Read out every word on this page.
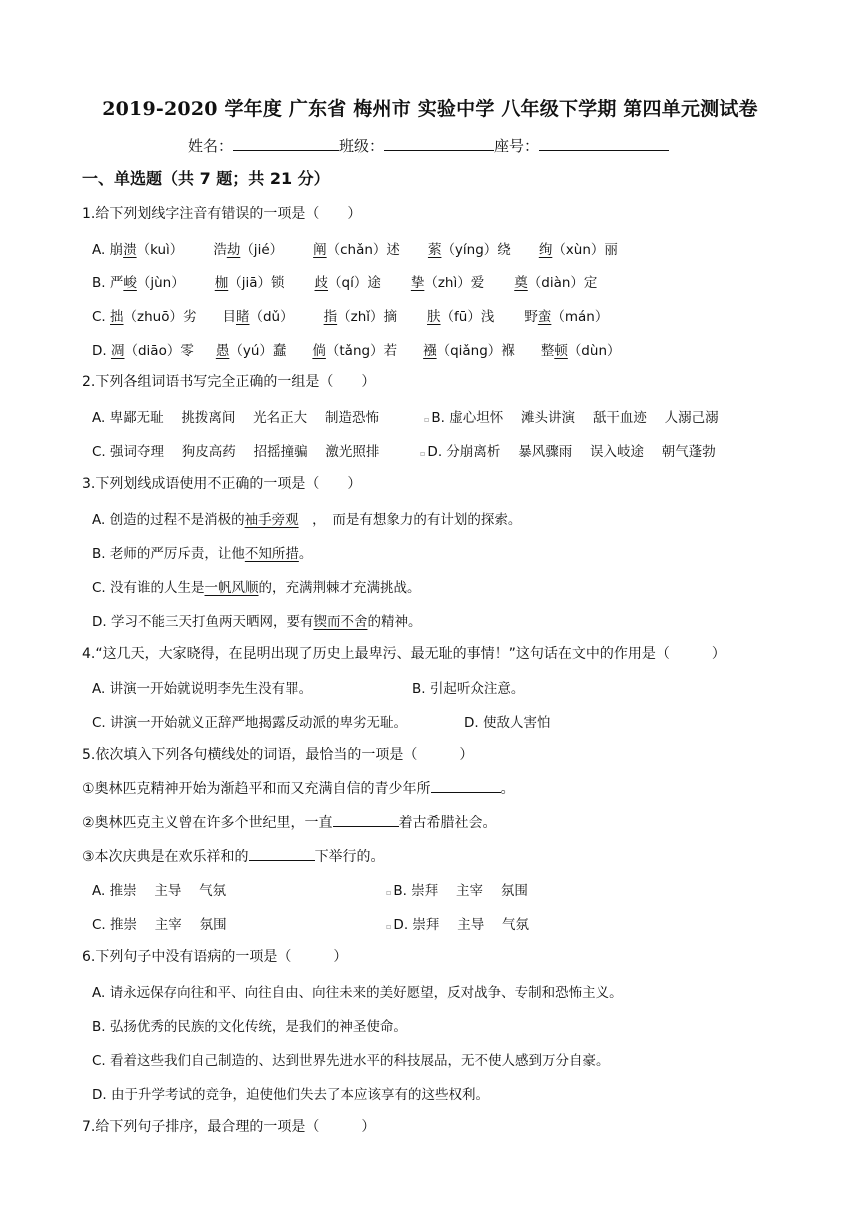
2019-2020 学年度 广东省 梅州市 实验中学 八年级下学期 第四单元测试卷
姓名：	班级：	座号：
一、单选题（共 7 题；共 21 分）
1.给下列划线字注音有错误的一项是（　　）
A. 崩溃（kuì） 浩劫（jié） 阐（chǎn）述 萦（yíng）绕 绚（xùn）丽
B. 严峻（jùn） 枷（jiā）锁 歧（qí）途 挚（zhì）爱 奠（diàn）定
C. 拙（zhuō）劣 目睹（dǔ） 指（zhǐ）摘 肤（fū）浅 野蛮（mán）
D. 凋（diāo）零 愚（yú）蠢 倘（tǎng）若 襁（qiǎng）褓 整顿（dùn）
2.下列各组词语书写完全正确的一组是（　　）
A. 卑鄙无耻　 挑拨离间　 光名正大　 制造恐怖	▫ B. 虚心坦怀　 滩头讲演　 舐干血迹　 人溺己溺
C. 强词夺理　 狗皮高药　 招摇撞骗　 激光照排	▫ D. 分崩离析　 暴风骤雨　 误入岐途　 朝气蓬勃
3.下列划线成语使用不正确的一项是（　　）
A. 创造的过程不是消极的袖手旁观　，　而是有想象力的有计划的探索。
B. 老师的严厉斥责，让他不知所措。
C. 没有谁的人生是一帆风顺的，充满荆棘才充满挑战。
D. 学习不能三天打鱼两天晒网，要有锲而不舍的精神。
4.“这几天，大家晓得，在昆明出现了历史上最卑污、最无耻的事情！”这句话在文中的作用是（　　　）
A. 讲演一开始就说明李先生没有罪。	B. 引起听众注意。
C. 讲演一开始就义正辞严地揭露反动派的卑劣无耻。	D. 使敌人害怕
5.依次填入下列各句横线处的词语，最恰当的一项是（　　　）
①奥林匹克精神开始为渐趋平和而又充满自信的青少年所	。
②奥林匹克主义曾在许多个世纪里，一直	着古希腊社会。
③本次庆典是在欢乐祥和的	下举行的。
A. 推崇　 主导　 气氛	▫ B. 崇拜　 主宰　 氛围
C. 推崇　 主宰　 氛围	▫ D. 崇拜　 主导　 气氛
6.下列句子中没有语病的一项是（　　　）
A. 请永远保存向往和平、向往自由、向往未来的美好愿望，反对战争、专制和恐怖主义。
B. 弘扬优秀的民族的文化传统，是我们的神圣使命。
C. 看着这些我们自己制造的、达到世界先进水平的科技展品，无不使人感到万分自豪。
D. 由于升学考试的竞争，迫使他们失去了本应该享有的这些权利。
7.给下列句子排序，最合理的一项是（　　　）
